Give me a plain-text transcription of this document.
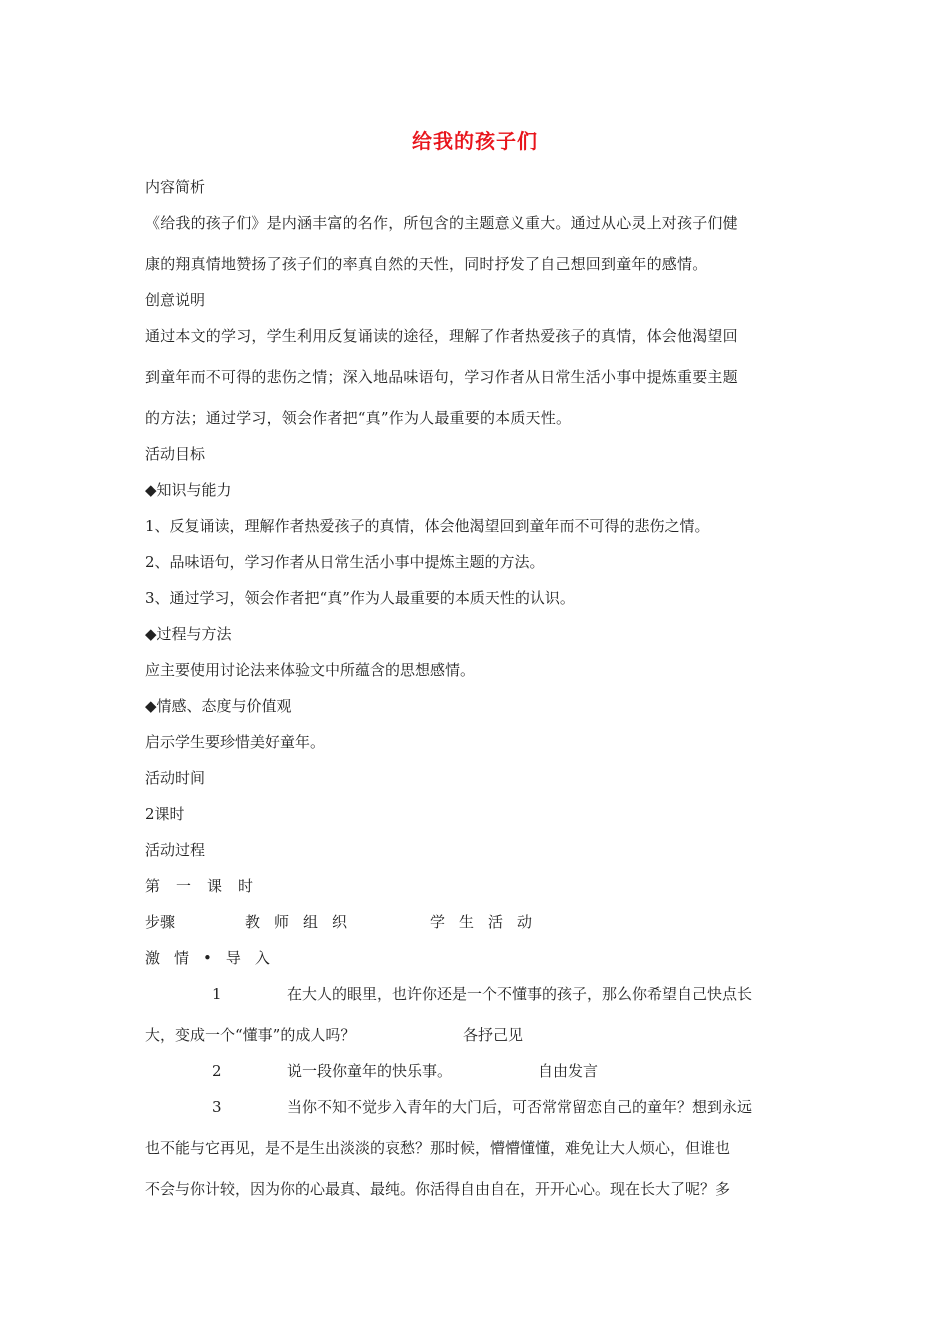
给我的孩子们
内容简析
《给我的孩子们》是内涵丰富的名作，所包含的主题意义重大。通过从心灵上对孩子们健
康的翔真情地赞扬了孩子们的率真自然的天性，同时抒发了自己想回到童年的感情。
创意说明
通过本文的学习，学生利用反复诵读的途径，理解了作者热爱孩子的真情，体会他渴望回
到童年而不可得的悲伤之情；深入地品味语句，学习作者从日常生活小事中提炼重要主题
的方法；通过学习，领会作者把“真”作为人最重要的本质天性。
活动目标
◆知识与能力
1、反复诵读，理解作者热爱孩子的真情，体会他渴望回到童年而不可得的悲伤之情。
2、品味语句，学习作者从日常生活小事中提炼主题的方法。
3、通过学习，领会作者把“真”作为人最重要的本质天性的认识。
◆过程与方法
应主要使用讨论法来体验文中所蕴含的思想感情。
◆情感、态度与价值观
启示学生要珍惜美好童年。
活动时间
2课时
活动过程
第一课时
步骤	教师组织	学生活动
激情•导入
1	在大人的眼里，也许你还是一个不懂事的孩子，那么你希望自己快点长
大，变成一个“懂事”的成人吗？	各抒己见
2	说一段你童年的快乐事。	自由发言
3	当你不知不觉步入青年的大门后，可否常常留恋自己的童年？想到永远
也不能与它再见，是不是生出淡淡的哀愁？那时候，懵懵懂懂，难免让大人烦心，但谁也
不会与你计较，因为你的心最真、最纯。你活得自由自在，开开心心。现在长大了呢？多
